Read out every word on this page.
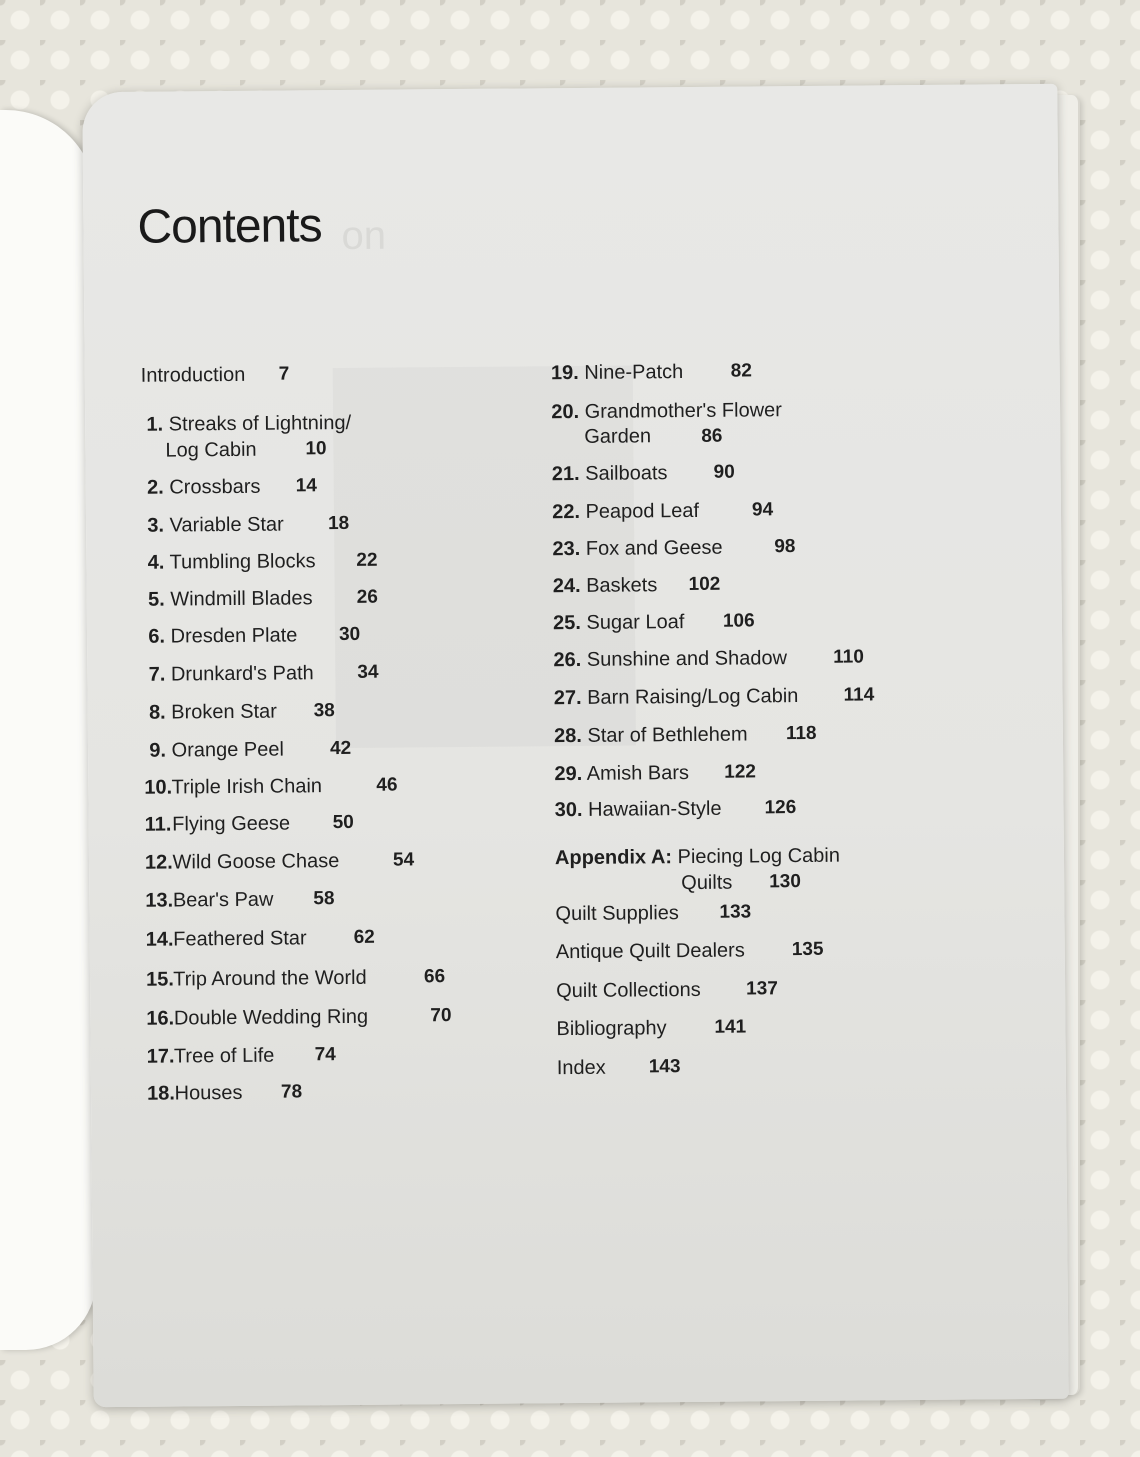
Contents on
Introduction 7
1. Streaks of Lightning/
Log Cabin	10
2. Crossbars 14
3. Variable Star 18
4. Tumbling Blocks 22
5. Windmill Blades 26
6. Dresden Plate 30
7. Drunkard's Path 34
8. Broken Star 38
9. Orange Peel 42
10. Triple Irish Chain	46
11. Flying Geese 50
12. Wild Goose Chase	54
13. Bear's Paw 58
14. Feathered Star 62
15. Trip Around the World	66
16. Double Wedding Ring	70
17. Tree of Life 74
18. Houses 78
19. Nine-Patch 82
20. Grandmother's Flower
Garden	86
21. Sailboats 90
22. Peapod Leaf	94
23. Fox and Geese	98
24. Baskets 102
25. Sugar Loaf 106
26. Sunshine and Shadow 110
27. Barn Raising/Log Cabin 114
28. Star of Bethlehem 118
29. Amish Bars 122
30. Hawaiian-Style 126
Appendix A: Piecing Log Cabin
Quilts 130
Quilt Supplies 133
Antique Quilt Dealers 135
Quilt Collections 137
Bibliography	141
Index 143
